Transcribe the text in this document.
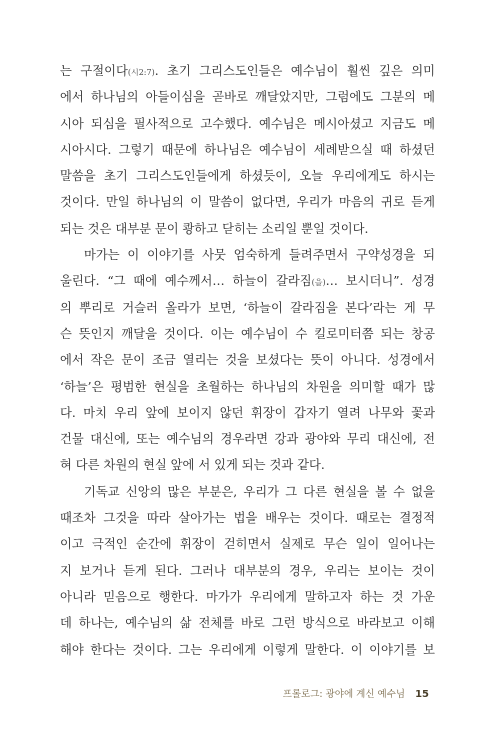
는 구절이다(시2:7). 초기 그리스도인들은 예수님이 훨씬 깊은 의미
에서 하나님의 아들이심을 곧바로 깨달았지만, 그럼에도 그분의 메
시아 되심을 필사적으로 고수했다. 예수님은 메시아셨고 지금도 메
시아시다. 그렇기 때문에 하나님은 예수님이 세례받으실 때 하셨던
말씀을 초기 그리스도인들에게 하셨듯이, 오늘 우리에게도 하시는
것이다. 만일 하나님의 이 말씀이 없다면, 우리가 마음의 귀로 듣게
되는 것은 대부분 문이 쾅하고 닫히는 소리일 뿐일 것이다.
마가는 이 이야기를 사뭇 엄숙하게 들려주면서 구약성경을 되
울린다. “그 때에 예수께서… 하늘이 갈라짐(을)… 보시더니”. 성경
의 뿌리로 거슬러 올라가 보면, ‘하늘이 갈라짐을 본다’라는 게 무
슨 뜻인지 깨달을 것이다. 이는 예수님이 수 킬로미터쯤 되는 창공
에서 작은 문이 조금 열리는 것을 보셨다는 뜻이 아니다. 성경에서
‘하늘’은 평범한 현실을 초월하는 하나님의 차원을 의미할 때가 많
다. 마치 우리 앞에 보이지 않던 휘장이 갑자기 열려 나무와 꽃과
건물 대신에, 또는 예수님의 경우라면 강과 광야와 무리 대신에, 전
혀 다른 차원의 현실 앞에 서 있게 되는 것과 같다.
기독교 신앙의 많은 부분은, 우리가 그 다른 현실을 볼 수 없을
때조차 그것을 따라 살아가는 법을 배우는 것이다. 때로는 결정적
이고 극적인 순간에 휘장이 걷히면서 실제로 무슨 일이 일어나는
지 보거나 듣게 된다. 그러나 대부분의 경우, 우리는 보이는 것이
아니라 믿음으로 행한다. 마가가 우리에게 말하고자 하는 것 가운
데 하나는, 예수님의 삶 전체를 바로 그런 방식으로 바라보고 이해
해야 한다는 것이다. 그는 우리에게 이렇게 말한다. 이 이야기를 보
프롤로그: 광야에 계신 예수님 15
